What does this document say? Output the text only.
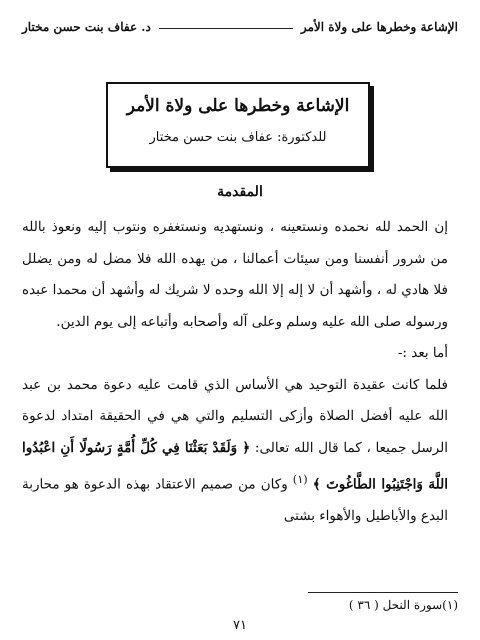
الإشاعة وخطرها على ولاة الأمر
د. عفاف بنت حسن مختار
الإشاعة وخطرها على ولاة الأمر
للدكتورة: عفاف بنت حسن مختار
المقدمة

إن الحمد لله نحمده ونستعينه ، ونستهديه ونستغفره ونتوب إليه ونعوذ بالله من شرور أنفسنا ومن سيئات أعمالنا ، من يهده الله فلا مضل له ومن يضلل فلا هادي له ، وأشهد أن لا إله إلا الله وحده لا شريك له وأشهد أن محمدا عبده ورسوله صلى الله عليه وسلم وعلى آله وأصحابه وأتباعه إلى يوم الدين.

أما بعد :-

فلما كانت عقيدة التوحيد هي الأساس الذي قامت عليه دعوة محمد بن عبد الله عليه أفضل الصلاة وأزكى التسليم والتي هي في الحقيقة امتداد لدعوة الرسل جميعا ، كما قال الله تعالى: ﴿ وَلَقَدْ بَعَثْنَا فِي كُلِّ أُمَّةٍ رَسُولًا أَنِ اعْبُدُوا اللَّهَ وَاجْتَنِبُوا الطَّاغُوتَ ﴾ $^{(١)}$ وكان من صميم الاعتقاد بهذه الدعوة هو محاربة البدع والأباطيل والأهواء بشتى

(١)سورة النحل ( ٣٦ )
٧١
